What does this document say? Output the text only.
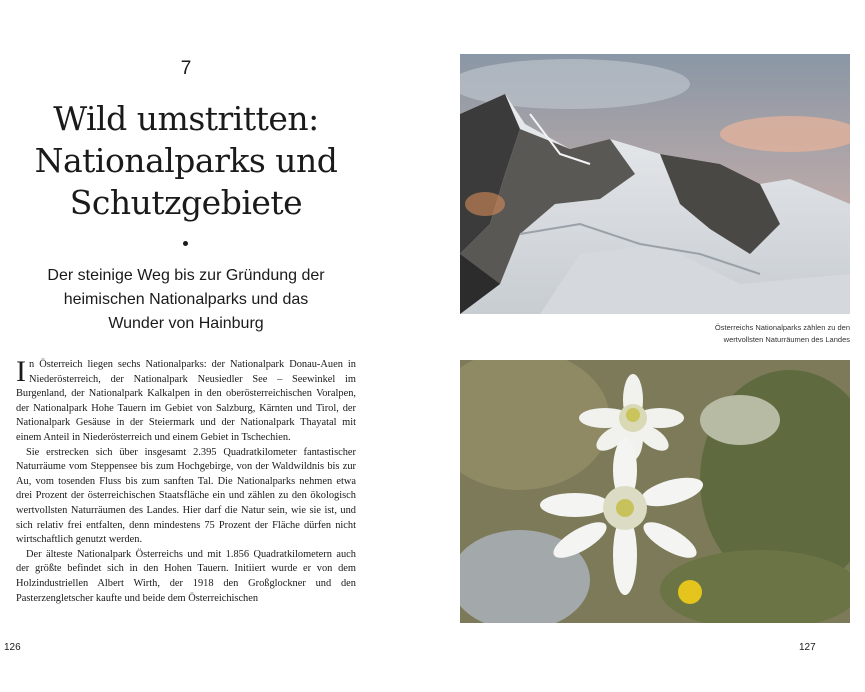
7
Wild umstritten:
Nationalparks und
Schutzgebiete

Der steinige Weg bis zur Gründung der
heimischen Nationalparks und das
Wunder von Hainburg

In Österreich liegen sechs Nationalparks: der Nationalpark Donau-Auen in Niederösterreich, der Nationalpark Neusiedler See – Seewinkel im Burgenland, der Nationalpark Kalkalpen in den oberösterreichischen Voralpen, der Nationalpark Hohe Tauern im Gebiet von Salzburg, Kärnten und Tirol, der Nationalpark Gesäuse in der Steiermark und der Nationalpark Thayatal mit einem Anteil in Niederösterreich und einem Gebiet in Tschechien.

Sie erstrecken sich über insgesamt 2.395 Quadratkilometer fantastischer Naturräume vom Steppensee bis zum Hochgebirge, von der Waldwildnis bis zur Au, vom tosenden Fluss bis zum sanften Tal. Die Nationalparks nehmen etwa drei Prozent der österreichischen Staatsfläche ein und zählen zu den ökologisch wertvollsten Naturräumen des Landes. Hier darf die Natur sein, wie sie ist, und sich relativ frei entfalten, denn mindestens 75 Prozent der Fläche dürfen nicht wirtschaftlich genutzt werden.

Der älteste Nationalpark Österreichs und mit 1.856 Quadratkilometern auch der größte befindet sich in den Hohen Tauern. Initiiert wurde er von dem Holzindustriellen Albert Wirth, der 1918 den Großglockner und den Pasterzengletscher kaufte und beide dem Österreichischen

126

Österreichs Nationalparks zählen zu den
wertvollsten Naturräumen des Landes

127
